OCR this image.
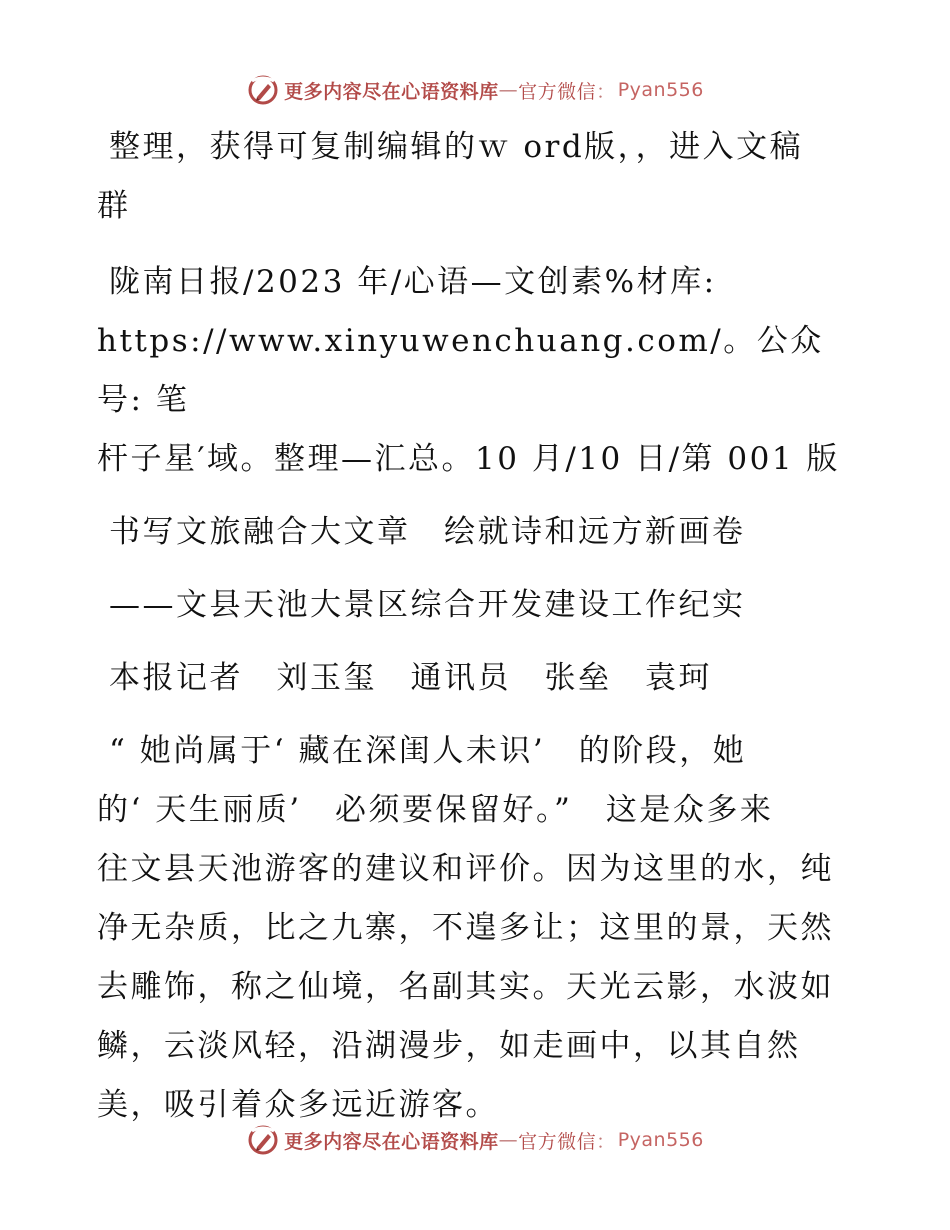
更多内容尽在心语资料库 — 官方微信 ： Pyan556

整理，获得可复制编辑的ｗ ord版，，进入文稿

群

陇南日报/2023 年/心语—文创素%材库:

https://www.xinyuwenchuang.com/。公众号: 笔

杆子星′域。整理—汇总。10 月/10 日/第 001 版

书写文旅融合大文章　绘就诗和远方新画卷

——文县天池大景区综合开发建设工作纪实

本报记者　刘玉玺　通讯员　张垒　袁珂

“ 她尚属于‘ 藏在深闺人未识’　的阶段，她

的‘ 天生丽质’　必须要保留好。”　这是众多来

往文县天池游客的建议和评价。因为这里的水，纯

净无杂质，比之九寨，不遑多让；这里的景，天然

去雕饰，称之仙境，名副其实。天光云影，水波如

鳞，云淡风轻，沿湖漫步，如走画中，以其自然

美，吸引着众多远近游客。

更多内容尽在心语资料库 — 官方微信 ： Pyan556
